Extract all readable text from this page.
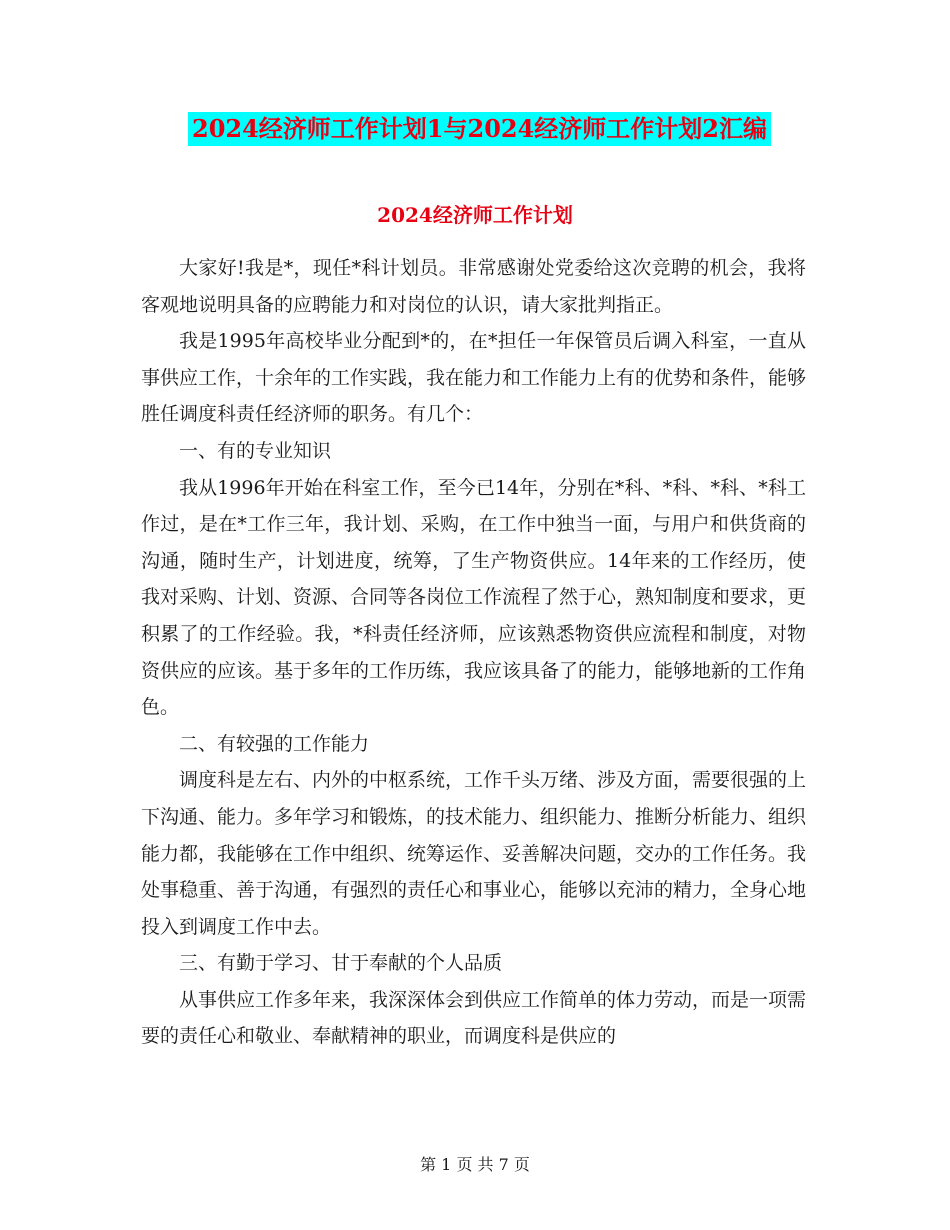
2024经济师工作计划1与2024经济师工作计划2汇编
2024经济师工作计划

大家好!我是*，现任*科计划员。非常感谢处党委给这次竞聘的机会，我将客观地说明具备的应聘能力和对岗位的认识，请大家批判指正。

我是1995年高校毕业分配到*的，在*担任一年保管员后调入科室，一直从事供应工作，十余年的工作实践，我在能力和工作能力上有的优势和条件，能够胜任调度科责任经济师的职务。有几个：

一、有的专业知识

我从1996年开始在科室工作，至今已14年，分别在*科、*科、*科、*科工作过，是在*工作三年，我计划、采购，在工作中独当一面，与用户和供货商的沟通，随时生产，计划进度，统筹，了生产物资供应。14年来的工作经历，使我对采购、计划、资源、合同等各岗位工作流程了然于心，熟知制度和要求，更积累了的工作经验。我，*科责任经济师，应该熟悉物资供应流程和制度，对物资供应的应该。基于多年的工作历练，我应该具备了的能力，能够地新的工作角色。

二、有较强的工作能力

调度科是左右、内外的中枢系统，工作千头万绪、涉及方面，需要很强的上下沟通、能力。多年学习和锻炼，的技术能力、组织能力、推断分析能力、组织能力都，我能够在工作中组织、统筹运作、妥善解决问题，交办的工作任务。我处事稳重、善于沟通，有强烈的责任心和事业心，能够以充沛的精力，全身心地投入到调度工作中去。

三、有勤于学习、甘于奉献的个人品质

从事供应工作多年来，我深深体会到供应工作简单的体力劳动，而是一项需要的责任心和敬业、奉献精神的职业，而调度科是供应的

第 1 页 共 7 页
